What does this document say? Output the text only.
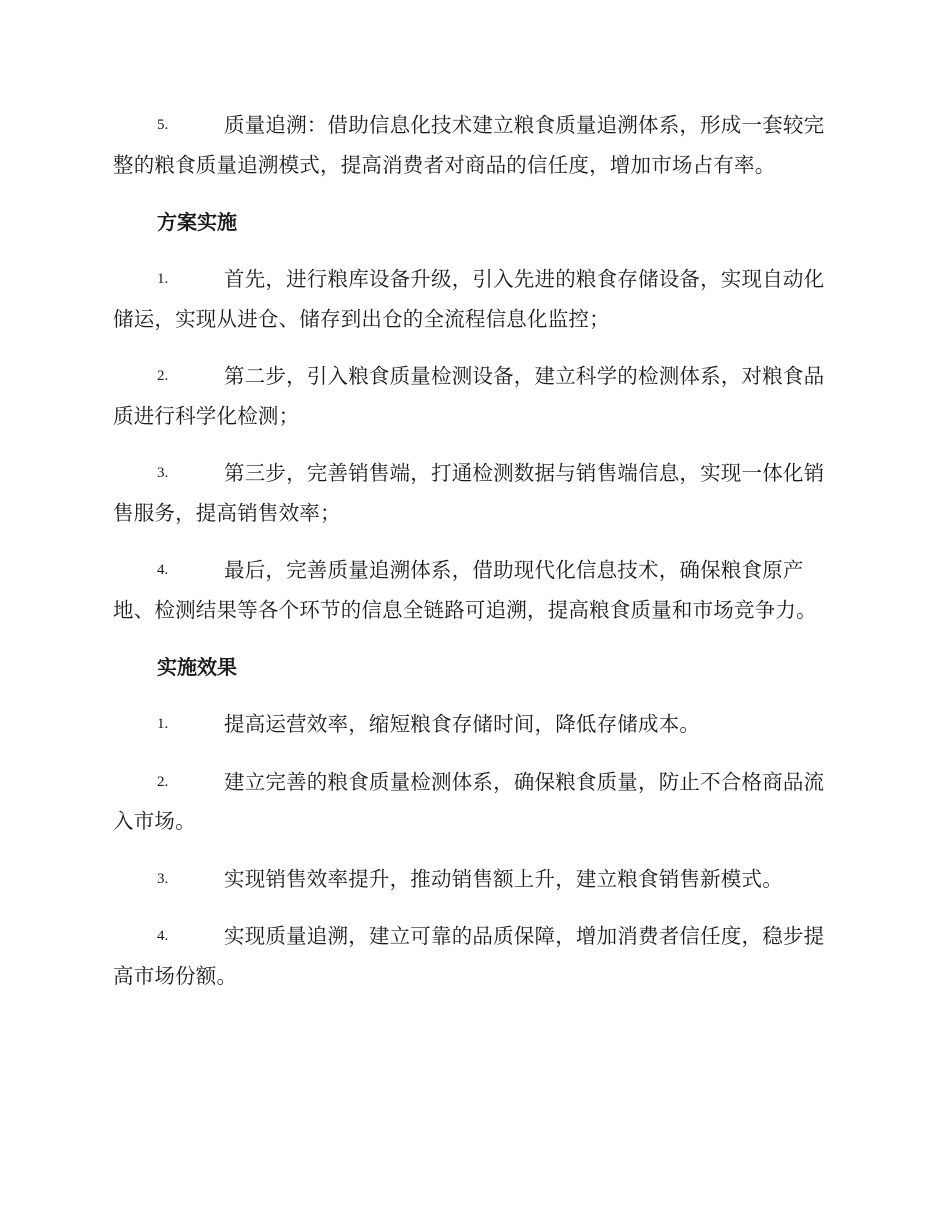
5.	质量追溯：借助信息化技术建立粮食质量追溯体系，形成一套较完整的粮食质量追溯模式，提高消费者对商品的信任度，增加市场占有率。
方案实施
1.	首先，进行粮库设备升级，引入先进的粮食存储设备，实现自动化储运，实现从进仓、储存到出仓的全流程信息化监控；
2.	第二步，引入粮食质量检测设备，建立科学的检测体系，对粮食品质进行科学化检测；
3.	第三步，完善销售端，打通检测数据与销售端信息，实现一体化销售服务，提高销售效率；
4.	最后，完善质量追溯体系，借助现代化信息技术，确保粮食原产地、检测结果等各个环节的信息全链路可追溯，提高粮食质量和市场竞争力。
实施效果
1.	提高运营效率，缩短粮食存储时间，降低存储成本。
2.	建立完善的粮食质量检测体系，确保粮食质量，防止不合格商品流入市场。
3.	实现销售效率提升，推动销售额上升，建立粮食销售新模式。
4.	实现质量追溯，建立可靠的品质保障，增加消费者信任度，稳步提高市场份额。
